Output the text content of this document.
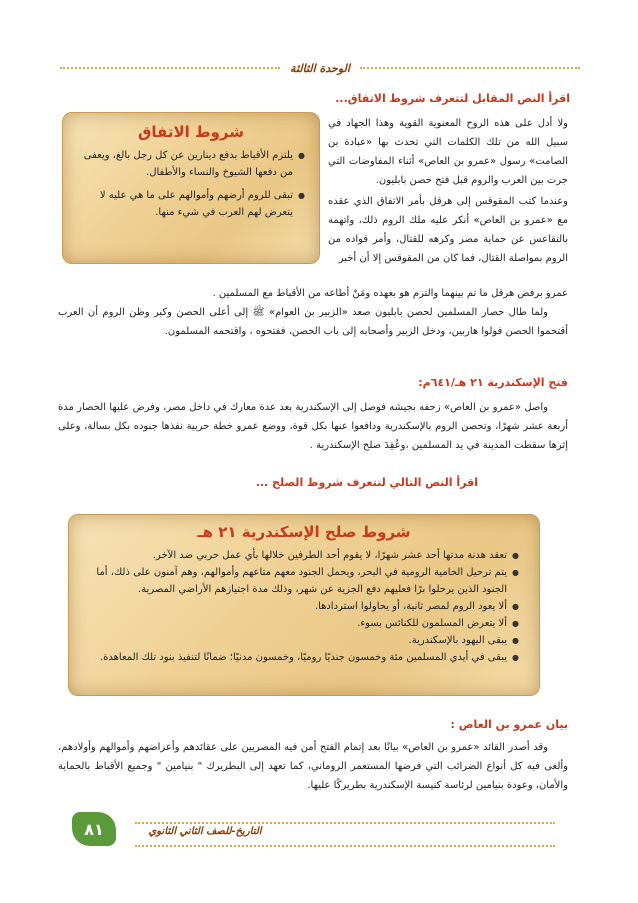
الوحدة الثالثة
اقرأ النص المقابل لتتعرف شروط الاتفاق...
شروط الاتفاق
● يلتزم الأقباط بدفع دينارين عن كل رجل بالغ، ويعفى من دفعها الشيوخ والنساء والأطفال.
● تبقى للروم أرضهم وأموالهم على ما هي عليه لا يتعرض لهم العرب في شيء منها.

ولا أدل على هذه الروح المعنوية القوية وهذا الجهاد في سبيل الله من تلك الكلمات التي تحدث بها «عبادة بن الصامت» رسول «عمرو بن العاص» أثناء المفاوضات التي جرت بين العرب والروم قبل فتح حصن بابليون.

وعندما كتب المقوقس إلى هرقل بأمر الاتفاق الذي عقده مع «عمرو بن العاص» أنكر عليه ملك الروم ذلك، واتهمه بالتقاعس عن حماية مصر وكرهه للقتال، وأمر قواده من الروم بمواصلة القتال، فما كان من المقوقس إلا أن أخبر

عمرو برفض هرقل ما تم بينهما والتزم هو بعهده ومَنْ أطاعه من الأقباط مع المسلمين .

ولما طال حصار المسلمين لحصن بابليون صعد «الزبير بن العوام» ﷺ إلى أعلى الحصن وكبر وظن الروم أن العرب أقتحموا الحصن فولوا هاربين، ودخل الزبير وأصحابه إلى باب الحصن، ففتحوه ، واقتحمه المسلمون.

فتح الإسكندرية ٢١ هـ/٦٤١م:
واصل «عمرو بن العاص» زحفه بجيشه فوصل إلى الإسكندرية بعد عدة معارك في داخل مصر، وفرض عليها الحصار مدة أربعة عشر شهرًا، وتحصن الروم بالإسكندرية ودافعوا عنها بكل قوة، ووضع عمرو خطة حربية نفذها جنوده بكل بسالة، وعلى إثرها سقطت المدينة في يد المسلمين ،وعُقِدَ صلح الإسكندرية .
اقرأ النص التالي لتتعرف شروط الصلح ...
شروط صلح الإسكندرية ٢١ هـ
● تعقد هدنة مدتها أحد عشر شهرًا، لا يقوم أحد الطرفين خلالها بأي عمل حربي ضد الآخر.
● يتم ترحيل الحامية الرومية في البحر، ويحمل الجنود معهم متاعهم وأموالهم، وهم آمنون على ذلك، أما الجنود الذين يرحلوا برًا فعليهم دفع الجزية عن شهر، وذلك مدة اجتيازهم الأراضي المصرية.
● ألا يعود الروم لمصر ثانية، أو يحاولوا استردادها.
● ألا يتعرض المسلمون للكنائس بسوء.
● يبقى اليهود بالإسكندرية.
● يبقى في أيدي المسلمين مئة وخمسون جنديًا روميًا، وخمسون مدنيًا؛ ضمانًا لتنفيذ بنود تلك المعاهدة.
بيان عمرو بن العاص :
وقد أصدر القائد «عمرو بن العاص» بيانًا بعد إتمام الفتح أمن فيه المصريين على عقائدهم وأعراضهم وأموالهم وأولادهم، وألغى فيه كل أنواع الضرائب التي فرضها المستعمر الروماني، كما تعهد إلى البطريرك " بنيامين " وجميع الأقباط بالحماية والأمان، وعودة بنيامين لرئاسة كنيسة الإسكندرية بطريركًا عليها.
التاريخ-للصف الثاني الثانوي
٨١
